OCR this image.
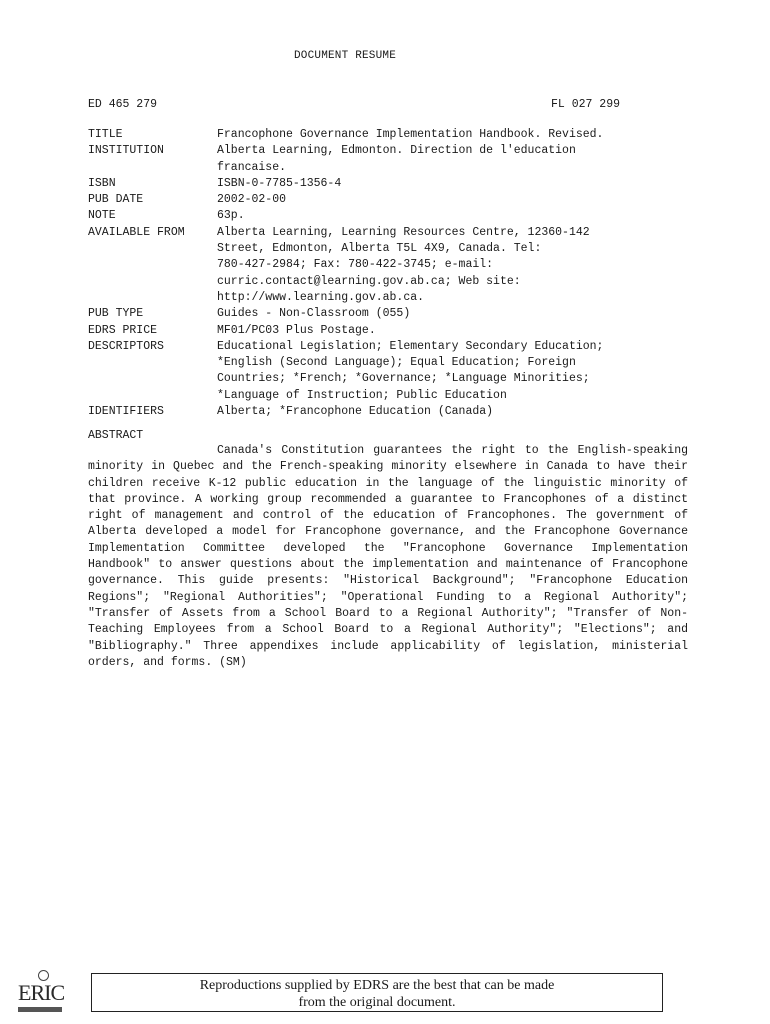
DOCUMENT RESUME
ED 465 279	FL 027 299
TITLE	Francophone Governance Implementation Handbook. Revised.
INSTITUTION	Alberta Learning, Edmonton. Direction de l'education
francaise.
ISBN	ISBN-0-7785-1356-4
PUB DATE	2002-02-00
NOTE	63p.
AVAILABLE FROM	Alberta Learning, Learning Resources Centre, 12360-142
Street, Edmonton, Alberta T5L 4X9, Canada. Tel:
780-427-2984; Fax: 780-422-3745; e-mail:
curric.contact@learning.gov.ab.ca; Web site:
http://www.learning.gov.ab.ca.
PUB TYPE	Guides - Non-Classroom (055)
EDRS PRICE	MF01/PC03 Plus Postage.
DESCRIPTORS	Educational Legislation; Elementary Secondary Education;
*English (Second Language); Equal Education; Foreign
Countries; *French; *Governance; *Language Minorities;
*Language of Instruction; Public Education
IDENTIFIERS	Alberta; *Francophone Education (Canada)
ABSTRACT
Canada's Constitution guarantees the right to the English-speaking minority in Quebec and the French-speaking minority elsewhere in Canada to have their children receive K-12 public education in the language of the linguistic minority of that province. A working group recommended a guarantee to Francophones of a distinct right of management and control of the education of Francophones. The government of Alberta developed a model for Francophone governance, and the Francophone Governance Implementation Committee developed the "Francophone Governance Implementation Handbook" to answer questions about the implementation and maintenance of Francophone governance. This guide presents: "Historical Background"; "Francophone Education Regions"; "Regional Authorities"; "Operational Funding to a Regional Authority"; "Transfer of Assets from a School Board to a Regional Authority"; "Transfer of Non-Teaching Employees from a School Board to a Regional Authority"; "Elections"; and "Bibliography." Three appendixes include applicability of legislation, ministerial orders, and forms. (SM)
ERIC	Reproductions supplied by EDRS are the best that can be made
from the original document.
